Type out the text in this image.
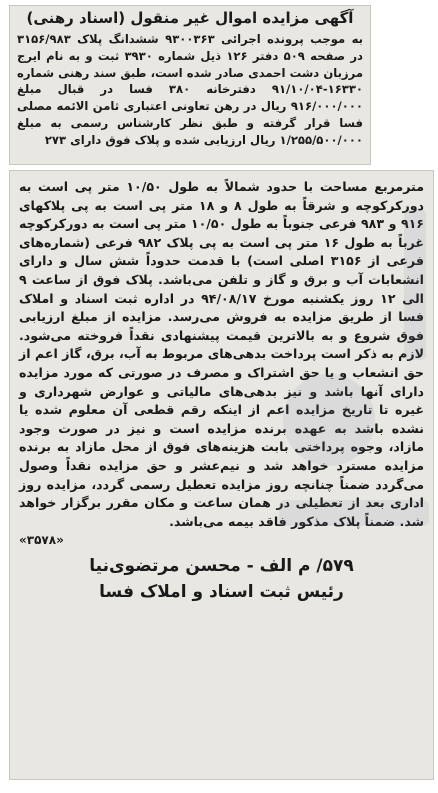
آگهی مزایده اموال غیر منقول (اسناد رهنی)

به موجب پرونده اجرائی ۹۳۰۰۳۶۳ ششدانگ پلاک ۳۱۵۶/۹۸۳ در صفحه ۵۰۹ دفتر ۱۲۶ ذیل شماره ۳۹۳۰ ثبت و به نام ایرج مرزبان دشت احمدی صادر شده است، طبق سند رهنی شماره ۱۶۳۳۰-۹۱/۱۰/۰۴ دفترخانه ۳۸۰ فسا در قبال مبلغ ۹۱۶/۰۰۰/۰۰۰ ریال در رهن تعاونی اعتباری ثامن الائمه مصلی فسا قرار گرفته و طبق نظر کارشناس رسمی به مبلغ ۱/۲۵۵/۵۰۰/۰۰۰ ریال ارزیابی شده و پلاک فوق دارای ۲۷۳

مترمربع مساحت با حدود شمالاً به طول ۱۰/۵۰ متر پی است به دورکرکوچه و شرقاً به طول ۸ و ۱۸ متر پی است به پی پلاکهای ۹۱۶ و ۹۸۳ فرعی جنوباً به طول ۱۰/۵۰ متر پی است به دورکرکوچه غرباً به طول ۱۶ متر پی است به پی پلاک ۹۸۲ فرعی (شماره‌های فرعی از ۳۱۵۶ اصلی است) با قدمت حدوداً شش سال و دارای انشعابات آب و برق و گاز و تلفن می‌باشد. پلاک فوق از ساعت ۹ الی ۱۲ روز یکشنبه مورخ ۹۴/۰۸/۱۷ در اداره ثبت اسناد و املاک فسا از طریق مزایده به فروش می‌رسد. مزایده از مبلغ ارزیابی فوق شروع و به بالاترین قیمت پیشنهادی نقداً فروخته می‌شود. لازم به ذکر است پرداخت بدهی‌های مربوط به آب، برق، گاز اعم از حق انشعاب و یا حق اشتراک و مصرف در صورتی که مورد مزایده دارای آنها باشد و نیز بدهی‌های مالیاتی و عوارض شهرداری و غیره تا تاریخ مزایده اعم از اینکه رقم قطعی آن معلوم شده یا نشده باشد به عهده برنده مزایده است و نیز در صورت وجود مازاد، وجوه پرداختی بابت هزینه‌های فوق از محل مازاد به برنده مزایده مسترد خواهد شد و نیم‌عشر و حق مزایده نقداً وصول می‌گردد ضمناً چنانچه روز مزایده تعطیل رسمی گردد، مزایده روز اداری بعد از تعطیلی در همان ساعت و مکان مقرر برگزار خواهد شد. ضمناً پلاک مذکور فاقد بیمه می‌باشد.

«۳۵۷۸»
۵۷۹/ م الف - محسن مرتضوی‌نیا
رئیس ثبت اسناد و املاک فسا
